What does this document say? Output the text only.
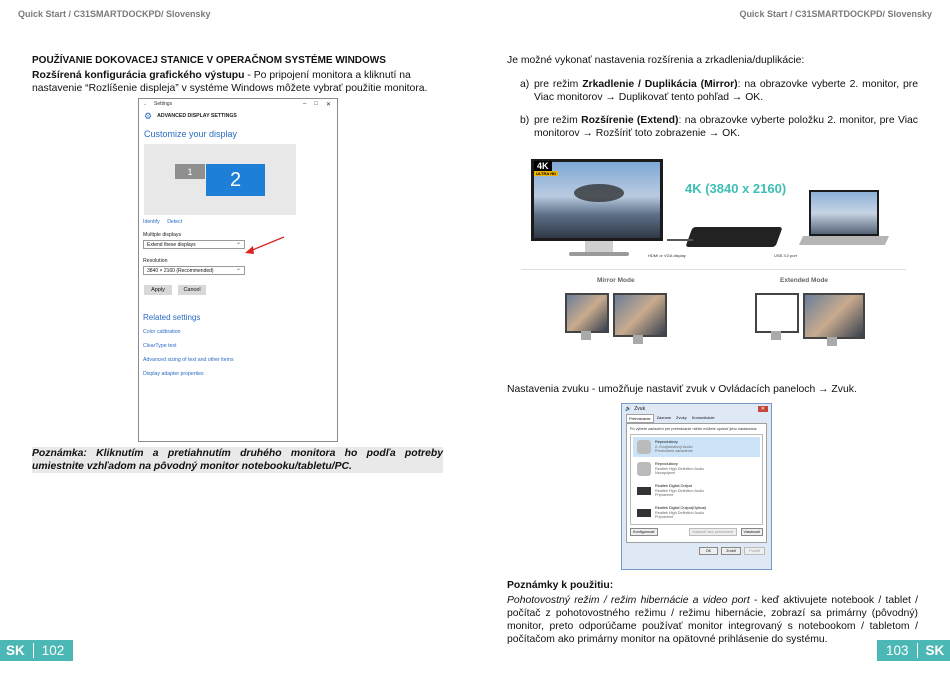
Quick Start / C31SMARTDOCKPD/ Slovensky	Quick Start / C31SMARTDOCKPD/ Slovensky
POUŽÍVANIE DOKOVACEJ STANICE V OPERAČNOM SYSTÉME WINDOWS
Rozšírená konfigurácia grafického výstupu - Po pripojení monitora a kliknutí na nastavenie “Rozlíšenie displeja” v systéme Windows môžete vybrať použitie monitora.
← Settings	– □ ✕
⚙ ADVANCED DISPLAY SETTINGS
Customize your display
1	2
Identify Detect
Multiple displays
Extend these displays
⌄
Resolution
3840 × 2160 (Recommended)
⌄
Apply	Cancel
Related settings
Color calibration
ClearType text
Advanced sizing of text and other items
Display adapter properties
Poznámka: Kliknutím a pretiahnutím druhého monitora ho podľa potreby umiestnite vzhľadom na pôvodný monitor notebooku/tabletu/PC.
Je možné vykonať nastavenia rozšírenia a zrkadlenia/duplikácie:
a) pre režim Zrkadlenie / Duplikácia (Mirror): na obrazovke vyberte 2. monitor, pre Viac monitorov → Duplikovať tento pohľad → OK.
b) pre režim Rozšírenie (Extend): na obrazovke vyberte položku 2. monitor, pre Viac monitorov → Rozšíriť toto zobrazenie → OK.
4K
ULTRA HD
4K (3840 x 2160)
HDMI or VGA display	USB 3.0 port
Mirror Mode	Extended Mode
Nastavenia zvuku - umožňuje nastaviť zvuk v Ovládacích paneloch → Zvuk.
🔊 Zvuk	✕
Prehrávanie	Záznam	Zvuky	Komunikácie
Po výbere zariadení pre prehrávanie nižšie môžete upraviť jeho nastavenia:
Reproduktory
2- Dvojkanálový Audio
Predvolené zariadenie
Reproduktory
Realtek High Definition Audio
Nezapojené
Realtek Digital Output
Realtek High Definition Audio
Pripravené
Realtek Digital Output(Optical)
Realtek High Definition Audio
Pripravené
Konfigurovať	Nastaviť ako predvolené	Vlastnosti
OK	Zrušiť	Použiť
Poznámky k použitiu:
Pohotovostný režim / režim hibernácie a video port - keď aktivujete notebook / tablet / počítač z pohotovostného režimu / režimu hibernácie, zobrazí sa primárny (pôvodný) monitor, preto odporúčame používať monitor integrovaný s notebookom / tabletom / počítačom ako primárny monitor na opätovné prihlásenie do systému.
SK 102	103 SK
